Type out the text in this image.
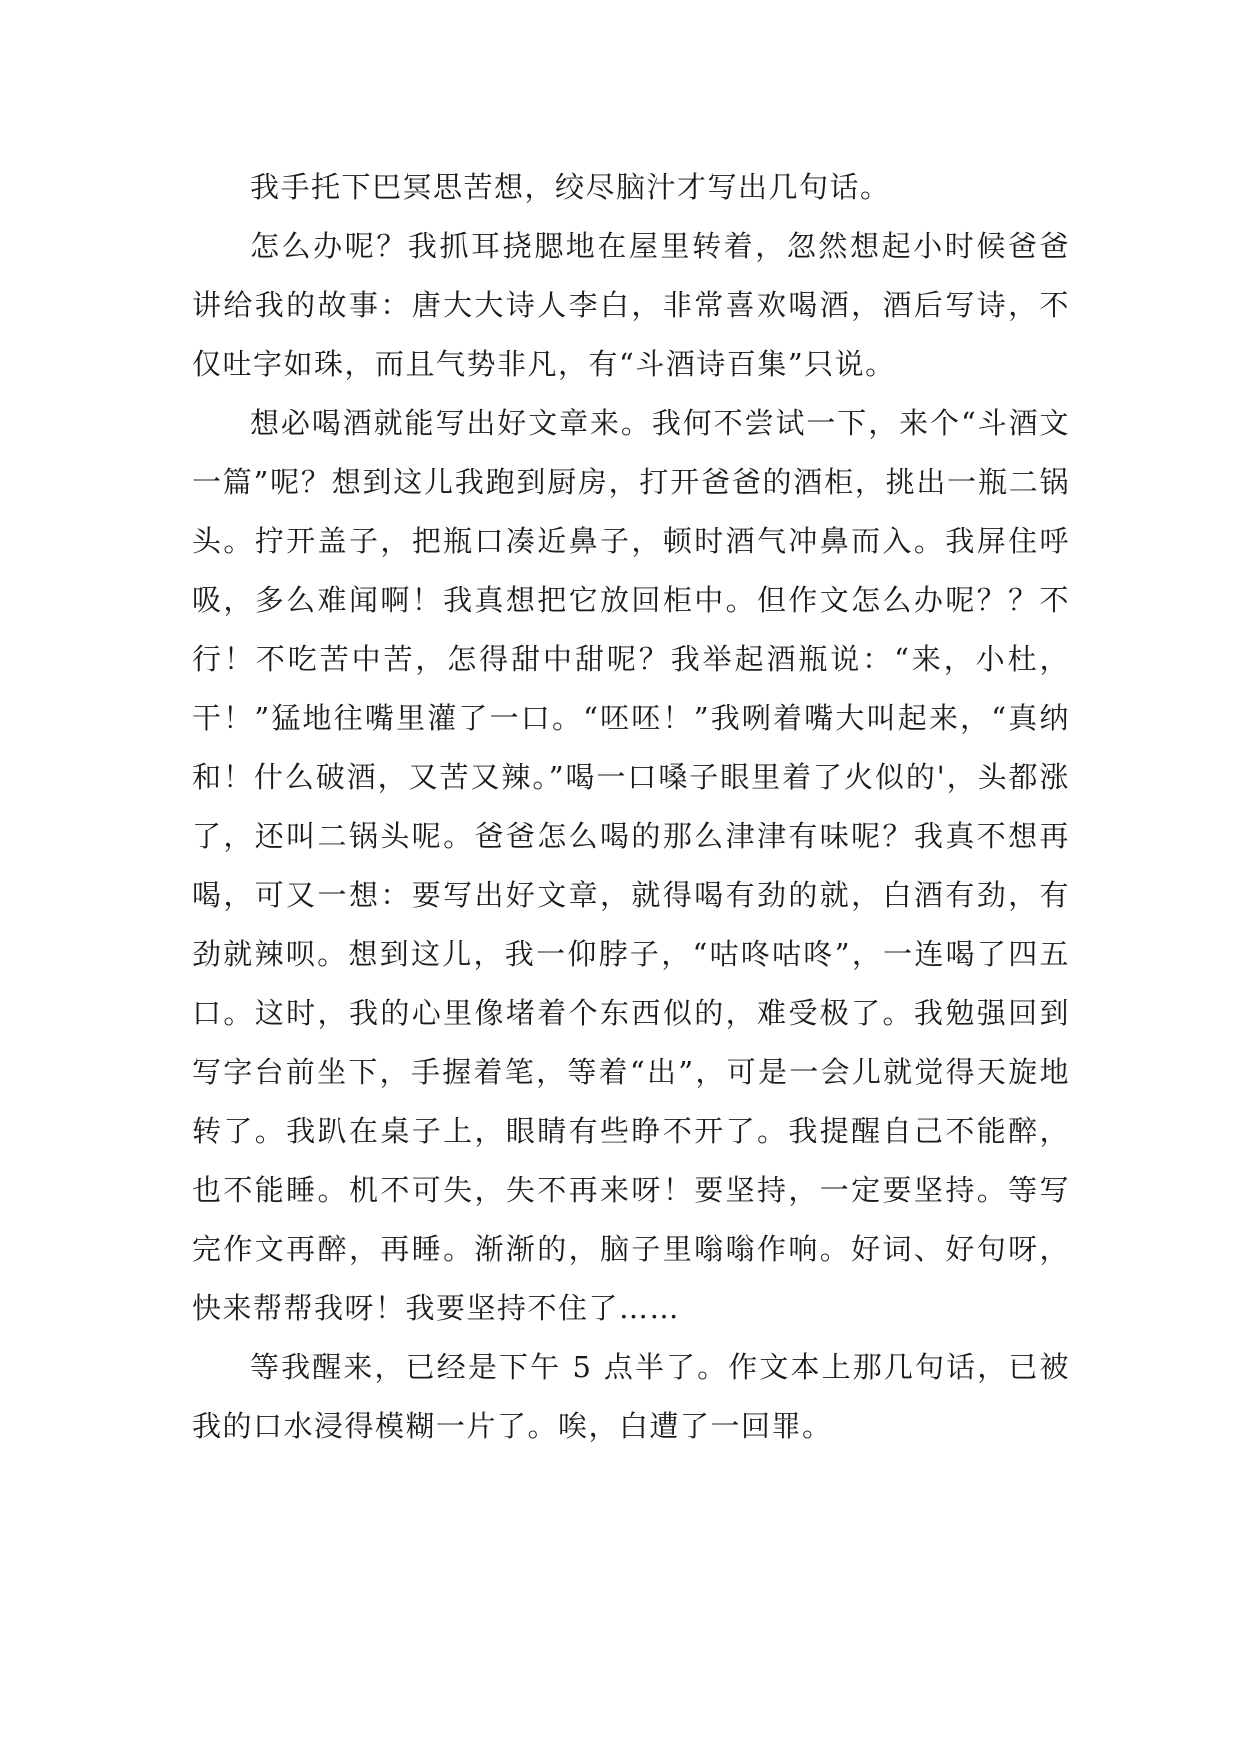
我手托下巴冥思苦想，绞尽脑汁才写出几句话。

怎么办呢？我抓耳挠腮地在屋里转着，忽然想起小时候爸爸讲给我的故事：唐大大诗人李白，非常喜欢喝酒，酒后写诗，不仅吐字如珠，而且气势非凡，有“斗酒诗百集”只说。

想必喝酒就能写出好文章来。我何不尝试一下，来个“斗酒文一篇”呢？想到这儿我跑到厨房，打开爸爸的酒柜，挑出一瓶二锅头。拧开盖子，把瓶口凑近鼻子，顿时酒气冲鼻而入。我屏住呼吸，多么难闻啊！我真想把它放回柜中。但作文怎么办呢？？不行！不吃苦中苦，怎得甜中甜呢？我举起酒瓶说：“来，小杜，干！”猛地往嘴里灌了一口。“呸呸！”我咧着嘴大叫起来，“真纳和！什么破酒，又苦又辣。”喝一口嗓子眼里着了火似的'，头都涨了，还叫二锅头呢。爸爸怎么喝的那么津津有味呢？我真不想再喝，可又一想：要写出好文章，就得喝有劲的就，白酒有劲，有劲就辣呗。想到这儿，我一仰脖子，“咕咚咕咚”，一连喝了四五口。这时，我的心里像堵着个东西似的，难受极了。我勉强回到写字台前坐下，手握着笔，等着“出”，可是一会儿就觉得天旋地转了。我趴在桌子上，眼睛有些睁不开了。我提醒自己不能醉，也不能睡。机不可失，失不再来呀！要坚持，一定要坚持。等写完作文再醉，再睡。渐渐的，脑子里嗡嗡作响。好词、好句呀，快来帮帮我呀！我要坚持不住了……

等我醒来，已经是下午 5 点半了。作文本上那几句话，已被我的口水浸得模糊一片了。唉，白遭了一回罪。
